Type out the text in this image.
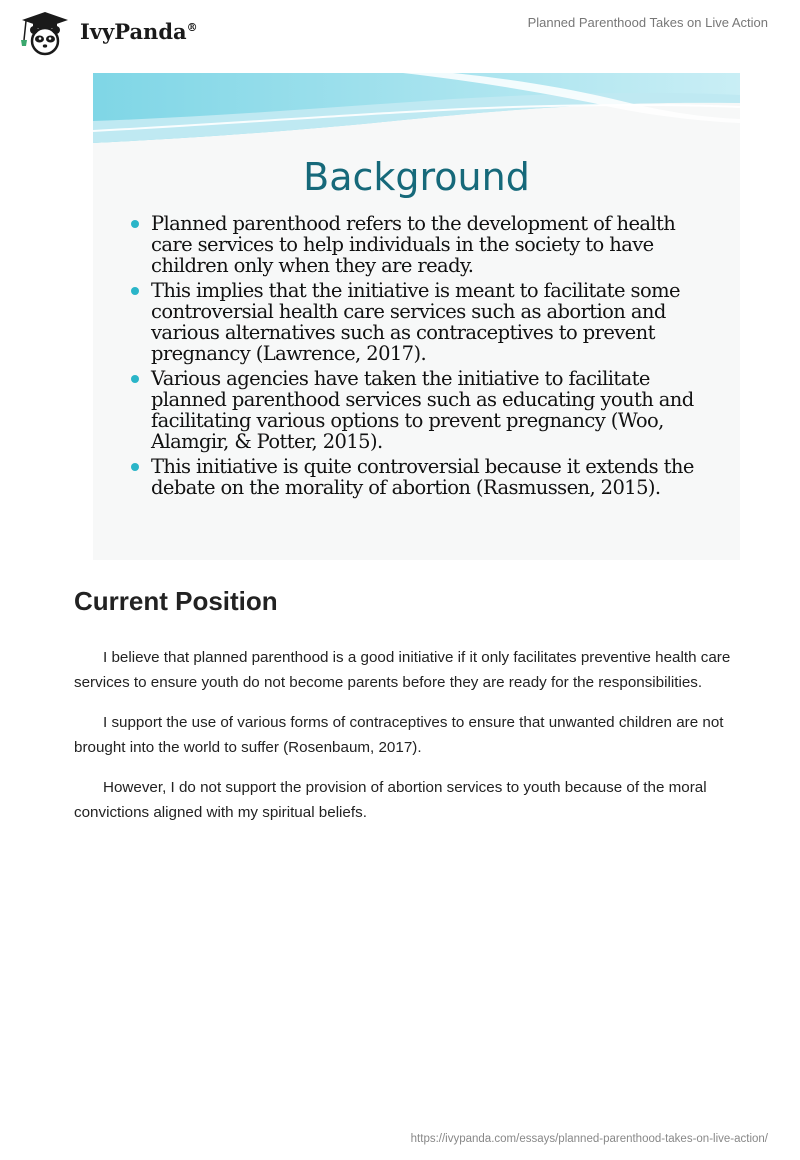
IvyPanda®	Planned Parenthood Takes on Live Action
Background
Planned parenthood refers to the development of health care services to help individuals in the society to have children only when they are ready.
This implies that the initiative is meant to facilitate some controversial health care services such as abortion and various alternatives such as contraceptives to prevent pregnancy (Lawrence, 2017).
Various agencies have taken the initiative to facilitate planned parenthood services such as educating youth and facilitating various options to prevent pregnancy (Woo, Alamgir, & Potter, 2015).
This initiative is quite controversial because it extends the debate on the morality of abortion (Rasmussen, 2015).
Current Position

I believe that planned parenthood is a good initiative if it only facilitates preventive health care services to ensure youth do not become parents before they are ready for the responsibilities.

I support the use of various forms of contraceptives to ensure that unwanted children are not brought into the world to suffer (Rosenbaum, 2017).

However, I do not support the provision of abortion services to youth because of the moral convictions aligned with my spiritual beliefs.

https://ivypanda.com/essays/planned-parenthood-takes-on-live-action/
